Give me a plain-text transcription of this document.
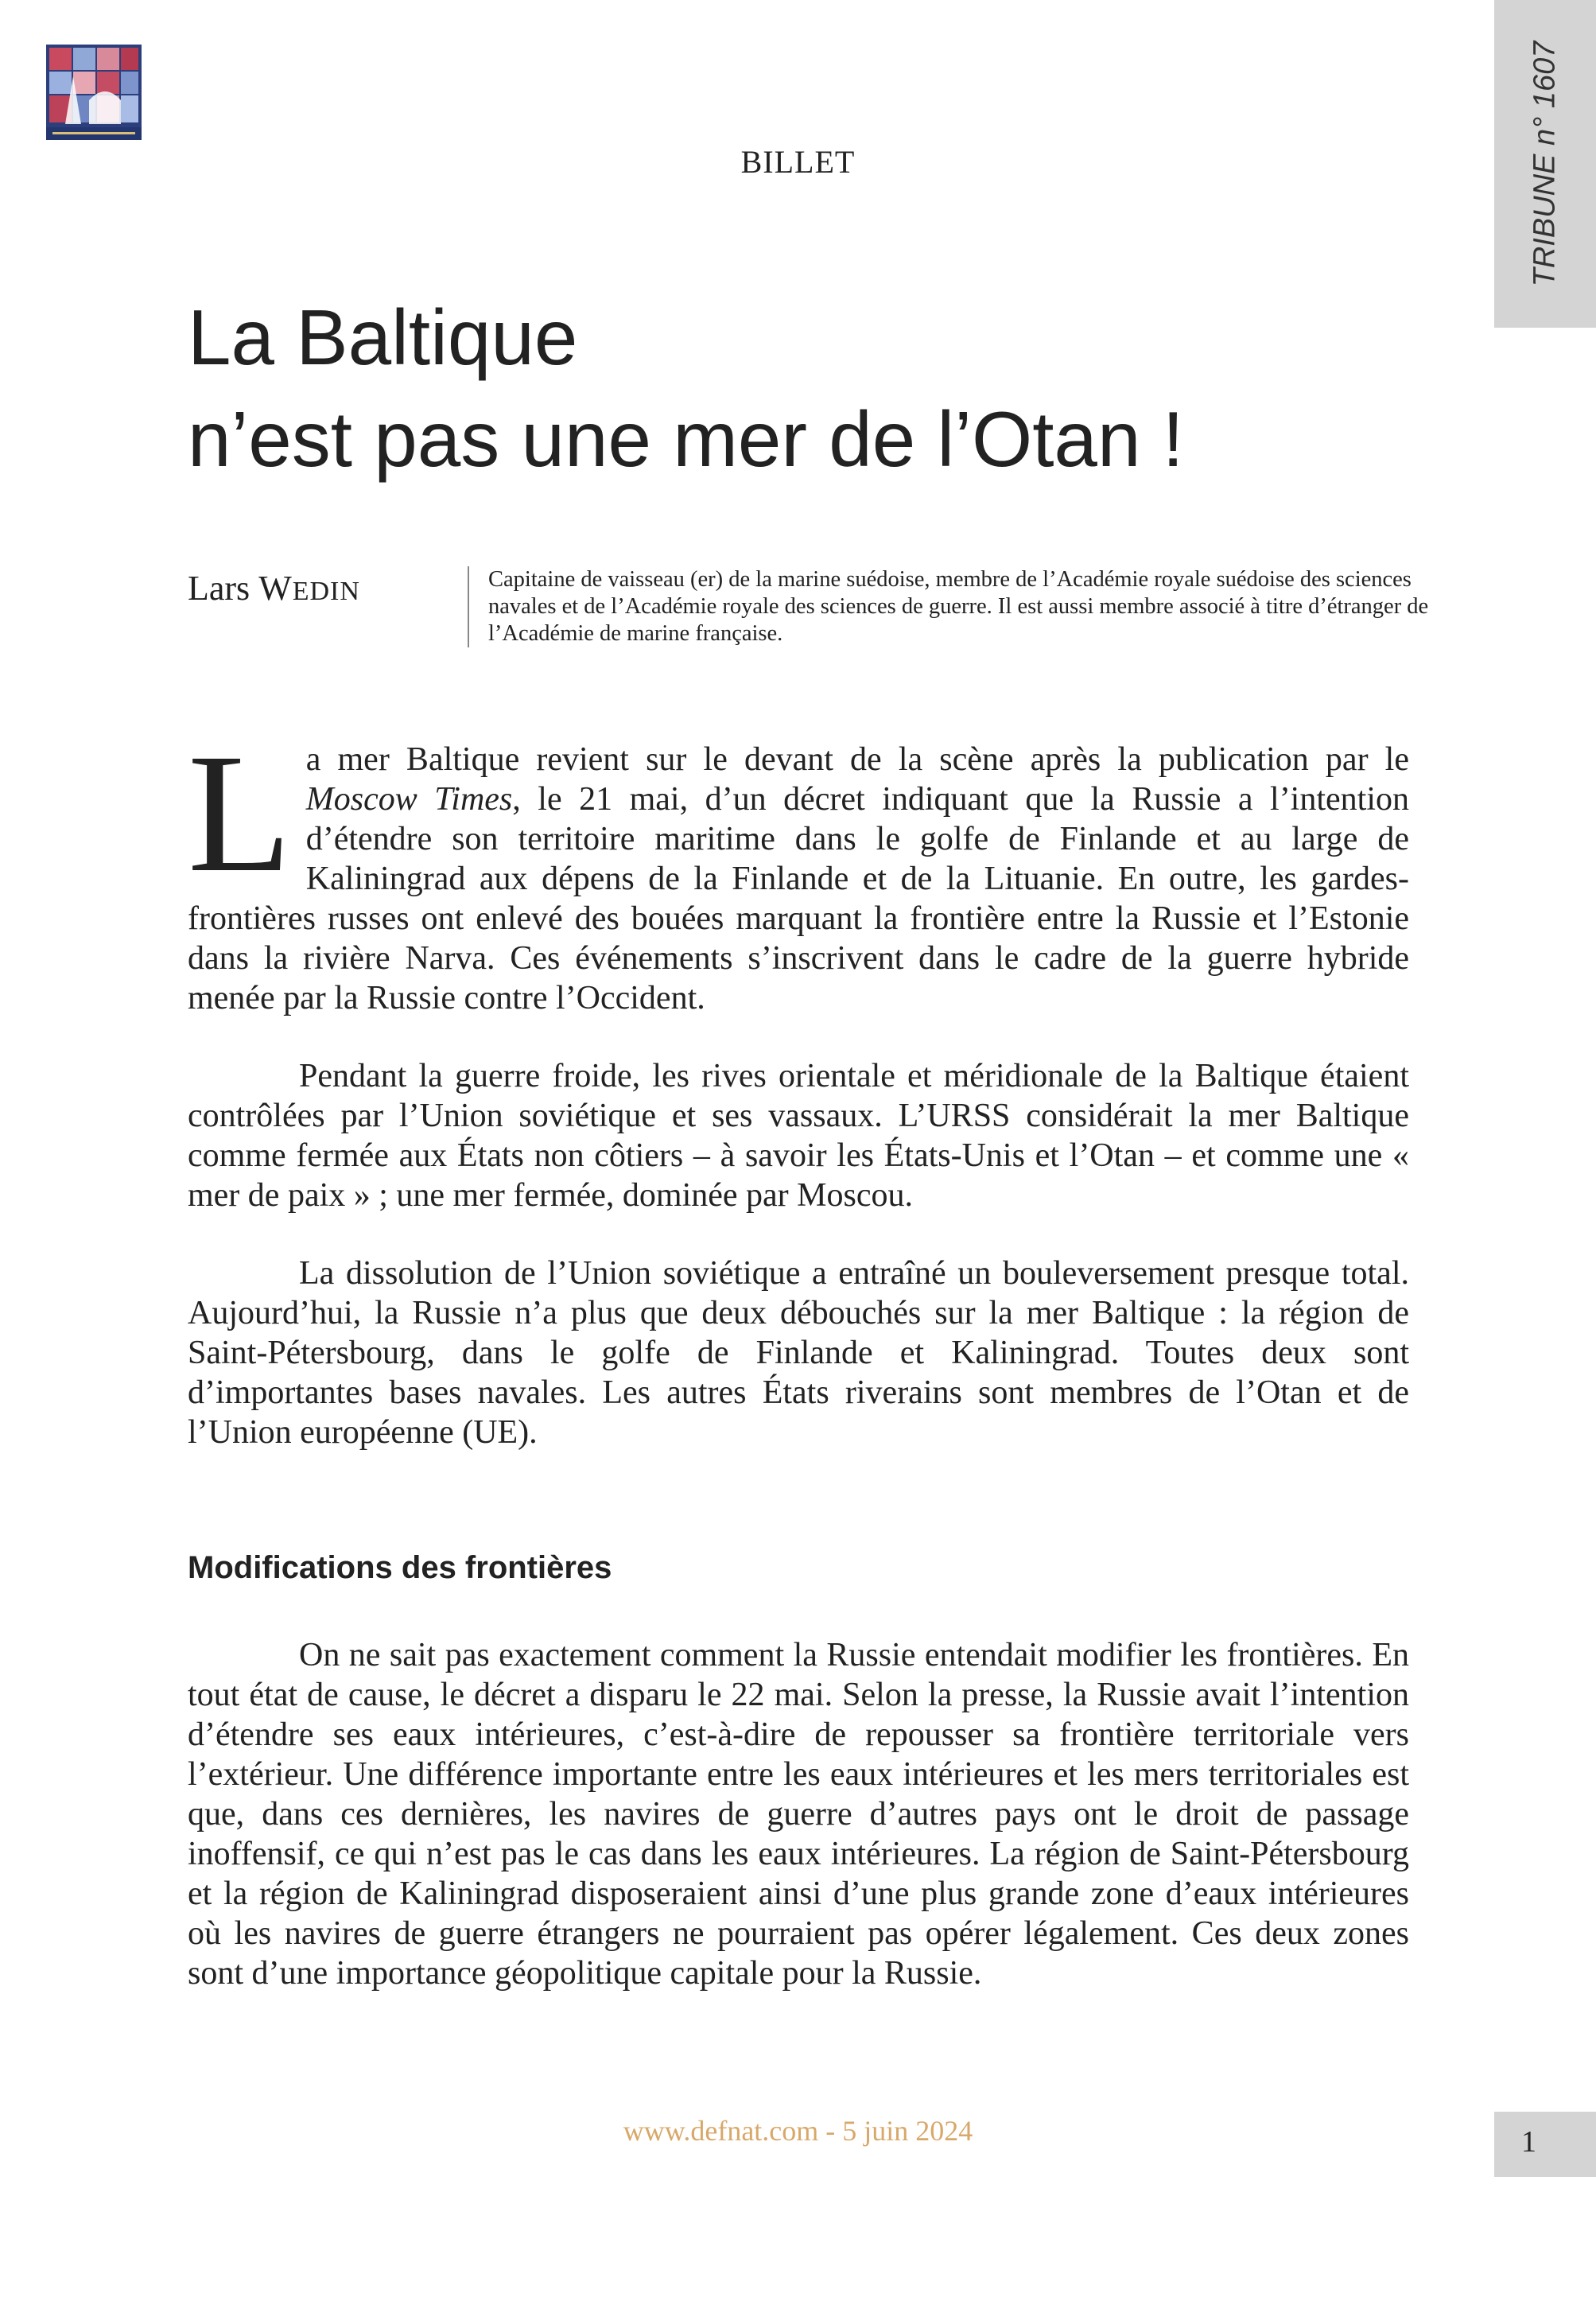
TRIBUNE n° 1607
BILLET
La Baltique
n’est pas une mer de l’Otan !
Lars WEDIN	Capitaine de vaisseau (er) de la marine suédoise, membre de l’Académie royale suédoise des sciences navales et de l’Académie royale des sciences de guerre. Il est aussi membre associé à titre d’étranger de l’Académie de marine française.

La mer Baltique revient sur le devant de la scène après la publication par le Moscow Times, le 21 mai, d’un décret indiquant que la Russie a l’intention d’étendre son territoire maritime dans le golfe de Finlande et au large de Kaliningrad aux dépens de la Finlande et de la Lituanie. En outre, les gardes-frontières russes ont enlevé des bouées marquant la frontière entre la Russie et l’Estonie dans la rivière Narva. Ces événements s’inscrivent dans le cadre de la guerre hybride menée par la Russie contre l’Occident.

Pendant la guerre froide, les rives orientale et méridionale de la Baltique étaient contrôlées par l’Union soviétique et ses vassaux. L’URSS considérait la mer Baltique comme fermée aux États non côtiers – à savoir les États-Unis et l’Otan – et comme une « mer de paix » ; une mer fermée, dominée par Moscou.

La dissolution de l’Union soviétique a entraîné un bouleversement presque total. Aujourd’hui, la Russie n’a plus que deux débouchés sur la mer Baltique : la région de Saint-Pétersbourg, dans le golfe de Finlande et Kaliningrad. Toutes deux sont d’importantes bases navales. Les autres États riverains sont membres de l’Otan et de l’Union européenne (UE).

Modifications des frontières

On ne sait pas exactement comment la Russie entendait modifier les frontières. En tout état de cause, le décret a disparu le 22 mai. Selon la presse, la Russie avait l’intention d’étendre ses eaux intérieures, c’est-à-dire de repousser sa frontière territoriale vers l’extérieur. Une différence importante entre les eaux intérieures et les mers territoriales est que, dans ces dernières, les navires de guerre d’autres pays ont le droit de passage inoffensif, ce qui n’est pas le cas dans les eaux intérieures. La région de Saint-Pétersbourg et la région de Kaliningrad disposeraient ainsi d’une plus grande zone d’eaux intérieures où les navires de guerre étrangers ne pourraient pas opérer légalement. Ces deux zones sont d’une importance géopolitique capitale pour la Russie.

www.defnat.com - 5 juin 2024	1
